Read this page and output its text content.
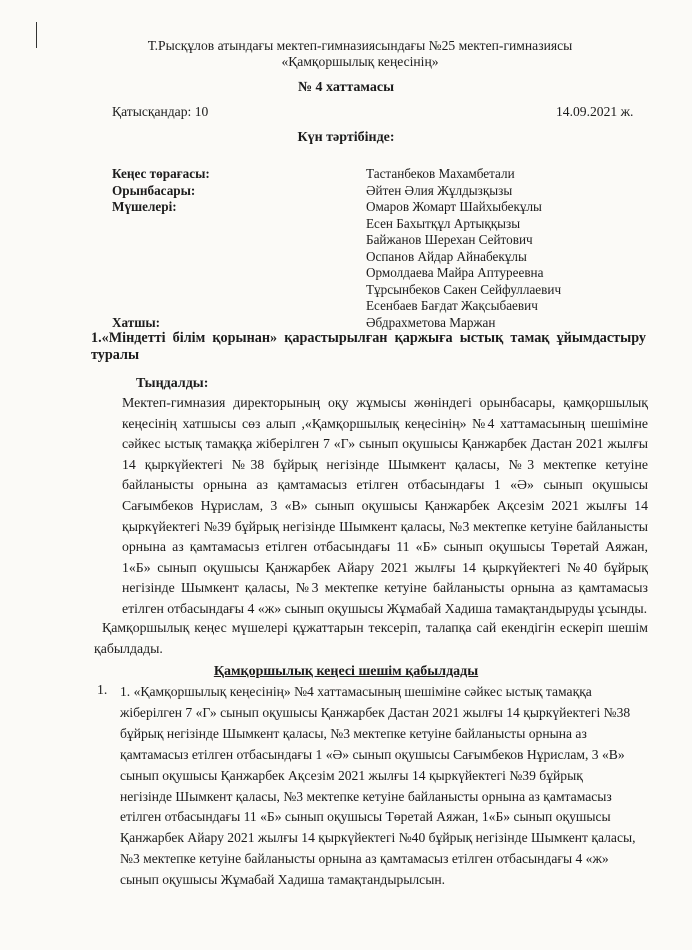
Т.Рысқұлов атындағы мектеп-гимназиясындағы №25 мектеп-гимназиясы
«Қамқоршылық кеңесінің»
№ 4 хаттамасы
Қатысқандар: 10	14.09.2021 ж.
Күн тәртібінде:
Кеңес төрағасы:
Орынбасары:
Мүшелері:
Хатшы:
Тастанбеков Махамбетали
Әйтен Әлия Жұлдызқызы
Омаров Жомарт Шайхыбекұлы
Есен Бахытқұл Артыққызы
Байжанов Шерехан Сейтович
Оспанов Айдар Айнабекұлы
Ормолдаева Майра Аптуреевна
Тұрсынбеков Сакен Сейфуллаевич
Есенбаев Бағдат Жақсыбаевич
Әбдрахметова Маржан
1.«Міндетті білім қорынан» қарастырылған қаржыға ыстық тамақ ұйымдастыру туралы
Тыңдалды:
Мектеп-гимназия директорының оқу жұмысы жөніндегі орынбасары, қамқоршылық кеңесінің хатшысы сөз алып ,«Қамқоршылық кеңесінің» №4 хаттамасының шешіміне сәйкес ыстық тамаққа жіберілген 7 «Г» сынып оқушысы Қанжарбек Дастан 2021 жылғы 14 қыркүйектегі №38 бұйрық негізінде Шымкент қаласы, №3 мектепке кетуіне байланысты орнына аз қамтамасыз етілген отбасындағы 1 «Ә» сынып оқушысы Сағымбеков Нұрислам, 3 «В» сынып оқушысы Қанжарбек Ақсезім 2021 жылғы 14 қыркүйектегі №39 бұйрық негізінде Шымкент қаласы, №3 мектепке кетуіне байланысты орнына аз қамтамасыз етілген отбасындағы 11 «Б» сынып оқушысы Төретай Аяжан, 1«Б» сынып оқушысы Қанжарбек Айару 2021 жылғы 14 қыркүйектегі №40 бұйрық негізінде Шымкент қаласы, №3 мектепке кетуіне байланысты орнына аз қамтамасыз етілген отбасындағы 4 «ж» сынып оқушысы Жұмабай Хадиша тамақтандыруды ұсынды.
Қамқоршылық кеңес мүшелері құжаттарын тексеріп, талапқа сай екендігін ескеріп шешім қабылдады.
Қамқоршылық кеңесі шешім қабылдады
1. 1. «Қамқоршылық кеңесінің» №4 хаттамасының шешіміне сәйкес ыстық тамаққа жіберілген 7 «Г» сынып оқушысы Қанжарбек Дастан 2021 жылғы 14 қыркүйектегі №38 бұйрық негізінде Шымкент қаласы, №3 мектепке кетуіне байланысты орнына аз қамтамасыз етілген отбасындағы 1 «Ә» сынып оқушысы Сағымбеков Нұрислам, 3 «В» сынып оқушысы Қанжарбек Ақсезім 2021 жылғы 14 қыркүйектегі №39 бұйрық негізінде Шымкент қаласы, №3 мектепке кетуіне байланысты орнына аз қамтамасыз етілген отбасындағы 11 «Б» сынып оқушысы Төретай Аяжан, 1«Б» сынып оқушысы Қанжарбек Айару 2021 жылғы 14 қыркүйектегі №40 бұйрық негізінде Шымкент қаласы, №3 мектепке кетуіне байланысты орнына аз қамтамасыз етілген отбасындағы 4 «ж» сынып оқушысы Жұмабай Хадиша тамақтандырылсын.
